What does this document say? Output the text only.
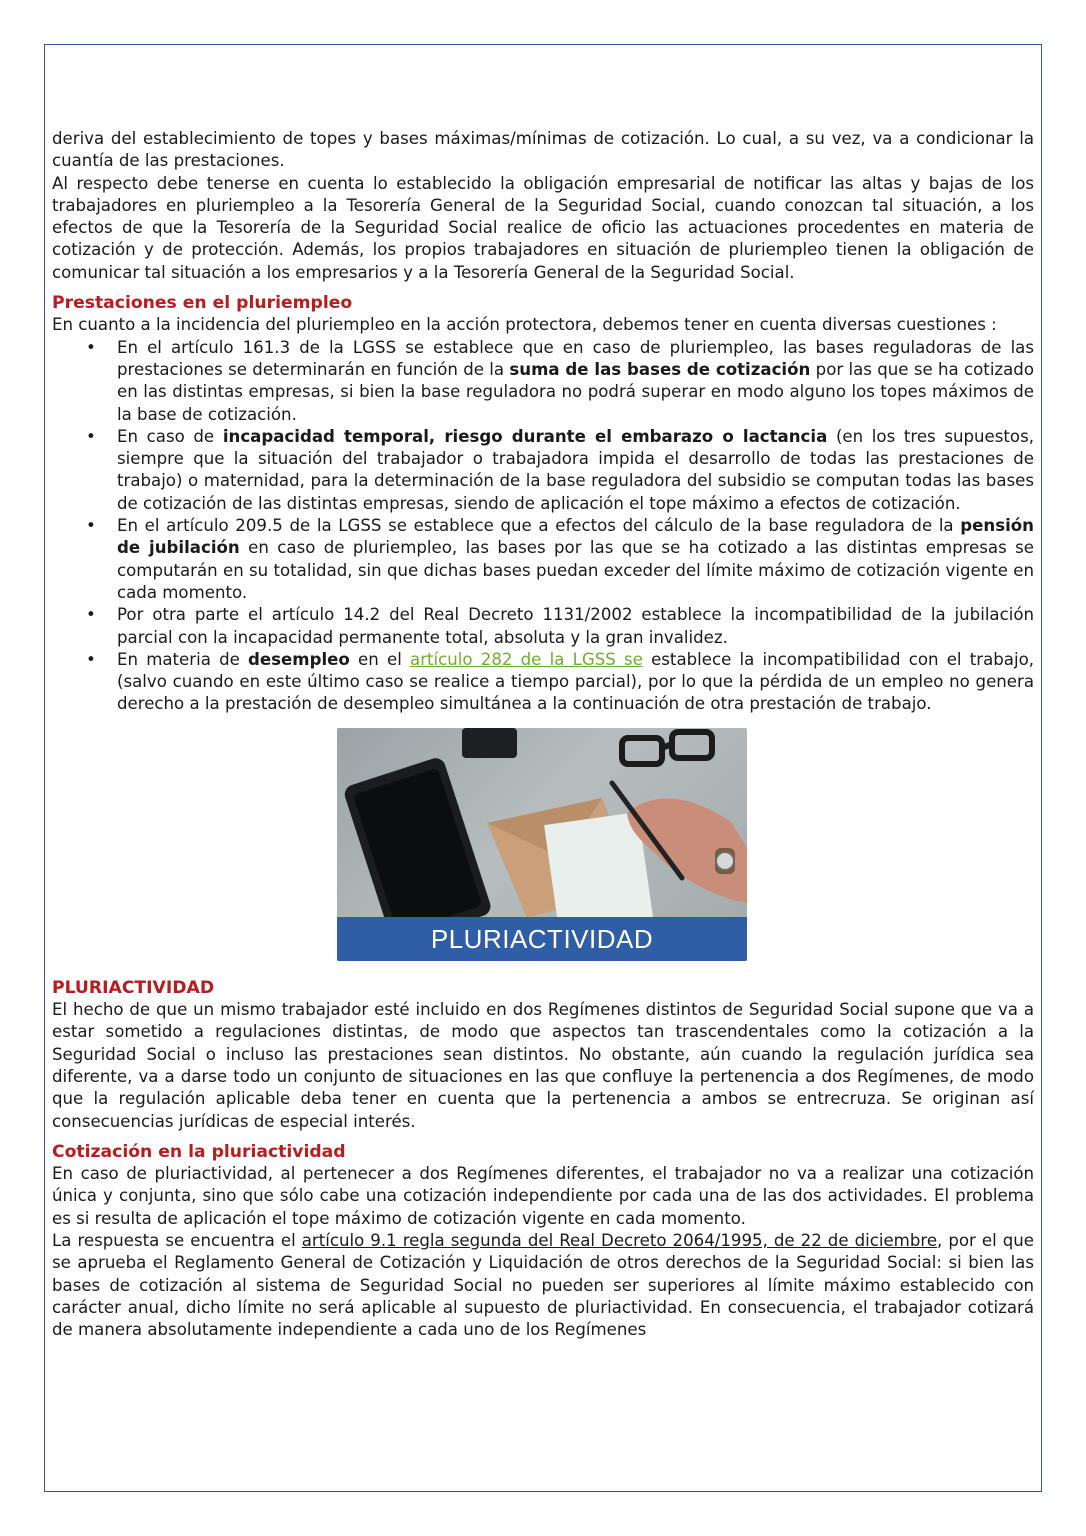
deriva del establecimiento de topes y bases máximas/mínimas de cotización. Lo cual, a su vez, va a condicionar la cuantía de las prestaciones.

Al respecto debe tenerse en cuenta lo establecido la obligación empresarial de notificar las altas y bajas de los trabajadores en pluriempleo a la Tesorería General de la Seguridad Social, cuando conozcan tal situación, a los efectos de que la Tesorería de la Seguridad Social realice de oficio las actuaciones procedentes en materia de cotización y de protección. Además, los propios trabajadores en situación de pluriempleo tienen la obligación de comunicar tal situación a los empresarios y a la Tesorería General de la Seguridad Social.

Prestaciones en el pluriempleo

En cuanto a la incidencia del pluriempleo en la acción protectora, debemos tener en cuenta diversas cuestiones :

• En el artículo 161.3 de la LGSS se establece que en caso de pluriempleo, las bases reguladoras de las prestaciones se determinarán en función de la suma de las bases de cotización por las que se ha cotizado en las distintas empresas, si bien la base reguladora no podrá superar en modo alguno los topes máximos de la base de cotización.
• En caso de incapacidad temporal, riesgo durante el embarazo o lactancia (en los tres supuestos, siempre que la situación del trabajador o trabajadora impida el desarrollo de todas las prestaciones de trabajo) o maternidad, para la determinación de la base reguladora del subsidio se computan todas las bases de cotización de las distintas empresas, siendo de aplicación el tope máximo a efectos de cotización.
• En el artículo 209.5 de la LGSS se establece que a efectos del cálculo de la base reguladora de la pensión de jubilación en caso de pluriempleo, las bases por las que se ha cotizado a las distintas empresas se computarán en su totalidad, sin que dichas bases puedan exceder del límite máximo de cotización vigente en cada momento.
• Por otra parte el artículo 14.2 del Real Decreto 1131/2002 establece la incompatibilidad de la jubilación parcial con la incapacidad permanente total, absoluta y la gran invalidez.
• En materia de desempleo en el artículo 282 de la LGSS se establece la incompatibilidad con el trabajo, (salvo cuando en este último caso se realice a tiempo parcial), por lo que la pérdida de un empleo no genera derecho a la prestación de desempleo simultánea a la continuación de otra prestación de trabajo.
PLURIACTIVIDAD
PLURIACTIVIDAD

El hecho de que un mismo trabajador esté incluido en dos Regímenes distintos de Seguridad Social supone que va a estar sometido a regulaciones distintas, de modo que aspectos tan trascendentales como la cotización a la Seguridad Social o incluso las prestaciones sean distintos. No obstante, aún cuando la regulación jurídica sea diferente, va a darse todo un conjunto de situaciones en las que confluye la pertenencia a dos Regímenes, de modo que la regulación aplicable deba tener en cuenta que la pertenencia a ambos se entrecruza. Se originan así consecuencias jurídicas de especial interés.

Cotización en la pluriactividad

En caso de pluriactividad, al pertenecer a dos Regímenes diferentes, el trabajador no va a realizar una cotización única y conjunta, sino que sólo cabe una cotización independiente por cada una de las dos actividades. El problema es si resulta de aplicación el tope máximo de cotización vigente en cada momento.

La respuesta se encuentra el artículo 9.1 regla segunda del Real Decreto 2064/1995, de 22 de diciembre, por el que se aprueba el Reglamento General de Cotización y Liquidación de otros derechos de la Seguridad Social: si bien las bases de cotización al sistema de Seguridad Social no pueden ser superiores al límite máximo establecido con carácter anual, dicho límite no será aplicable al supuesto de pluriactividad. En consecuencia, el trabajador cotizará de manera absolutamente independiente a cada uno de los Regímenes
